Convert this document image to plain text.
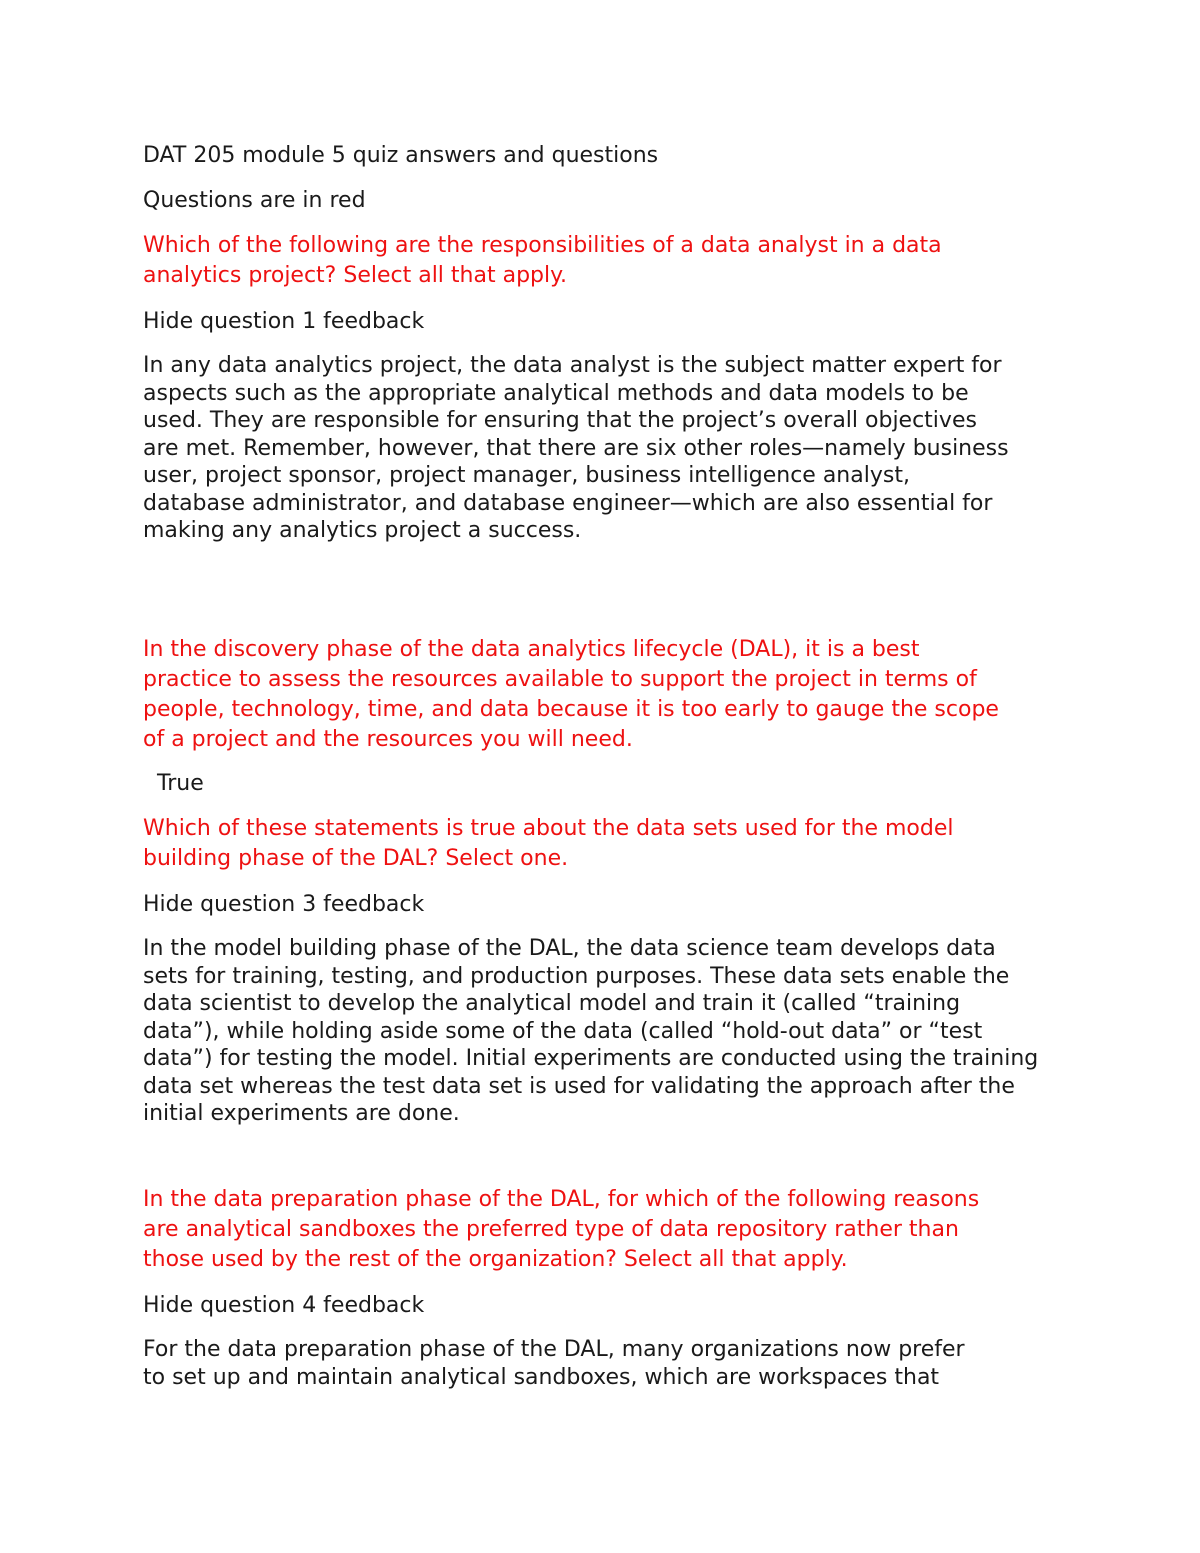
DAT 205 module 5 quiz answers and questions

Questions are in red

Which of the following are the responsibilities of a data analyst in a data
analytics project? Select all that apply.

Hide question 1 feedback

In any data analytics project, the data analyst is the subject matter expert for
aspects such as the appropriate analytical methods and data models to be
used. They are responsible for ensuring that the project’s overall objectives
are met. Remember, however, that there are six other roles—namely business
user, project sponsor, project manager, business intelligence analyst,
database administrator, and database engineer—which are also essential for
making any analytics project a success.

In the discovery phase of the data analytics lifecycle (DAL), it is a best
practice to assess the resources available to support the project in terms of
people, technology, time, and data because it is too early to gauge the scope
of a project and the resources you will need.

True

Which of these statements is true about the data sets used for the model
building phase of the DAL? Select one.

Hide question 3 feedback

In the model building phase of the DAL, the data science team develops data
sets for training, testing, and production purposes. These data sets enable the
data scientist to develop the analytical model and train it (called “training
data”), while holding aside some of the data (called “hold-out data” or “test
data”) for testing the model. Initial experiments are conducted using the training
data set whereas the test data set is used for validating the approach after the
initial experiments are done.

In the data preparation phase of the DAL, for which of the following reasons
are analytical sandboxes the preferred type of data repository rather than
those used by the rest of the organization? Select all that apply.

Hide question 4 feedback

For the data preparation phase of the DAL, many organizations now prefer
to set up and maintain analytical sandboxes, which are workspaces that
